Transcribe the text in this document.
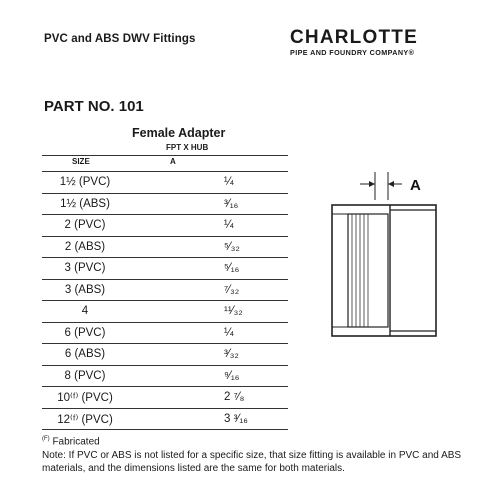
PVC and ABS DWV Fittings	CHARLOTTE
PIPE AND FOUNDRY COMPANY®
PART NO. 101
Female Adapter
FPT X HUB
SIZE	A
1½ (PVC)	¼
1½ (ABS)	³⁄₁₆
2 (PVC)	¼
2 (ABS)	⁵⁄₃₂
3 (PVC)	⁵⁄₁₆
3 (ABS)	⁷⁄₃₂
4	¹¹⁄₃₂
6 (PVC)	¼
6 (ABS)	³⁄₃₂
8 (PVC)	⁹⁄₁₆
10⁽ᶠ⁾ (PVC)	2 ⁷⁄₈
12⁽ᶠ⁾ (PVC)	3 ³⁄₁₆
A
$^{(F)}$ Fabricated
Note: If PVC or ABS is not listed for a specific size, that size fitting is available in PVC and ABS materials, and the dimensions listed are the same for both materials.
